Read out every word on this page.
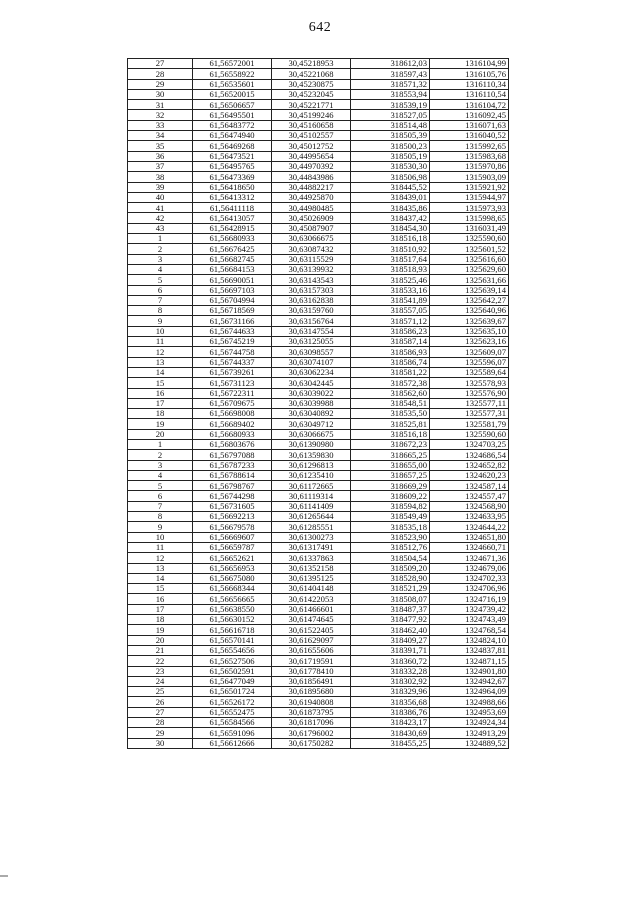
642
27	61,56572001	30,45218953	318612,03	1316104,99
28	61,56558922	30,45221068	318597,43	1316105,76
29	61,56535601	30,45230875	318571,32	1316110,34
30	61,56520015	30,45232045	318553,94	1316110,54
31	61,56506657	30,45221771	318539,19	1316104,72
32	61,56495501	30,45199246	318527,05	1316092,45
33	61,56483772	30,45160658	318514,48	1316071,63
34	61,56474940	30,45102557	318505,39	1316040,52
35	61,56469268	30,45012752	318500,23	1315992,65
36	61,56473521	30,44995654	318505,19	1315983,68
37	61,56495765	30,44970392	318530,30	1315970,86
38	61,56473369	30,44843986	318506,98	1315903,09
39	61,56418650	30,44882217	318445,52	1315921,92
40	61,56413312	30,44925870	318439,01	1315944,97
41	61,56411118	30,44980485	318435,86	1315973,93
42	61,56413057	30,45026909	318437,42	1315998,65
43	61,56428915	30,45087907	318454,30	1316031,49
1	61,56680933	30,63066675	318516,18	1325590,60
2	61,56676425	30,63087432	318510,92	1325601,52
3	61,56682745	30,63115529	318517,64	1325616,60
4	61,56684153	30,63139932	318518,93	1325629,60
5	61,56690051	30,63143543	318525,46	1325631,66
6	61,56697103	30,63157303	318533,16	1325639,14
7	61,56704994	30,63162838	318541,89	1325642,27
8	61,56718569	30,63159760	318557,05	1325640,96
9	61,56731166	30,63156764	318571,12	1325639,67
10	61,56744633	30,63147554	318586,23	1325635,10
11	61,56745219	30,63125055	318587,14	1325623,16
12	61,56744758	30,63098557	318586,93	1325609,07
13	61,56744337	30,63074107	318586,74	1325596,07
14	61,56739261	30,63062234	318581,22	1325589,64
15	61,56731123	30,63042445	318572,38	1325578,93
16	61,56722311	30,63039022	318562,60	1325576,90
17	61,56709675	30,63039988	318548,51	1325577,11
18	61,56698008	30,63040892	318535,50	1325577,31
19	61,56689402	30,63049712	318525,81	1325581,79
20	61,56680933	30,63066675	318516,18	1325590,60
1	61,56803676	30,61390980	318672,23	1324703,25
2	61,56797088	30,61359830	318665,25	1324686,54
3	61,56787233	30,61296813	318655,00	1324652,82
4	61,56788614	30,61235410	318657,25	1324620,23
5	61,56798767	30,61172665	318669,29	1324587,14
6	61,56744298	30,61119314	318609,22	1324557,47
7	61,56731605	30,61141409	318594,82	1324568,90
8	61,56692213	30,61265644	318549,49	1324633,95
9	61,56679578	30,61285551	318535,18	1324644,22
10	61,56669607	30,61300273	318523,90	1324651,80
11	61,56659787	30,61317491	318512,76	1324660,71
12	61,56652621	30,61337863	318504,54	1324671,36
13	61,56656953	30,61352158	318509,20	1324679,06
14	61,56675080	30,61395125	318528,90	1324702,33
15	61,56668344	30,61404148	318521,29	1324706,96
16	61,56656665	30,61422053	318508,07	1324716,19
17	61,56638550	30,61466601	318487,37	1324739,42
18	61,56630152	30,61474645	318477,92	1324743,49
19	61,56616718	30,61522405	318462,40	1324768,54
20	61,56570141	30,61629097	318409,27	1324824,10
21	61,56554656	30,61655606	318391,71	1324837,81
22	61,56527506	30,61719591	318360,72	1324871,15
23	61,56502591	30,61778410	318332,28	1324901,80
24	61,56477049	30,61856491	318302,92	1324942,67
25	61,56501724	30,61895680	318329,96	1324964,09
26	61,56526172	30,61940808	318356,68	1324988,66
27	61,56552475	30,61873795	318386,76	1324953,69
28	61,56584566	30,61817096	318423,17	1324924,34
29	61,56591096	30,61796002	318430,69	1324913,29
30	61,56612666	30,61750282	318455,25	1324889,52
